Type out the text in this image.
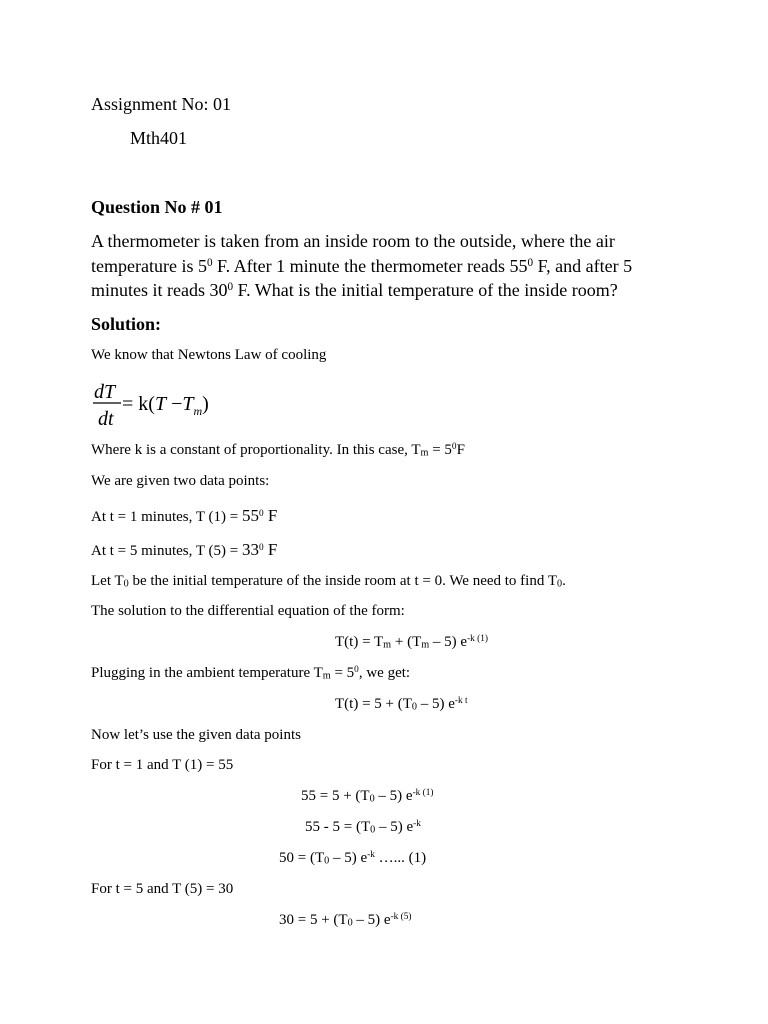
Assignment No: 01
Mth401
Question No # 01
A thermometer is taken from an inside room to the outside, where the air temperature is $5^0$ F. After 1 minute the thermometer reads $55^0$ F, and after 5 minutes it reads $30^0$ F. What is the initial temperature of the inside room?
Solution:
We know that Newtons Law of cooling
dT
dt
= $k(T -T_m)$
Where k is a constant of proportionality. In this case, $T_m = 5^0F$
We are given two data points:
At t = 1 minutes, T $(1) = 55^0$ F
At t = 5 minutes, T $(5) = 33^0$ F
Let $T_0$ be the initial temperature of the inside room at t = 0. We need to find $T_0$.
The solution to the differential equation of the form:
$T(t) = T_m + (T_m - 5)$ $e^{-k (1)}$
Plugging in the ambient temperature $T_m = 5^0$, we get:
$T(t) = 5 + (T_0 - 5)$ $e^{-k t}$
Now let’s use the given data points
For t = 1 and T (1) = 55
$55 = 5 + (T_0 - 5)$ $e^{-k (1)}$
$55 - 5 = (T_0 - 5)$ $e^{-k}$
$50 = (T_0 - 5)$ $e^{-k}$ …... (1)
For t = 5 and T (5) = 30
$30 = 5 + (T_0 - 5)$ $e^{-k (5)}$
